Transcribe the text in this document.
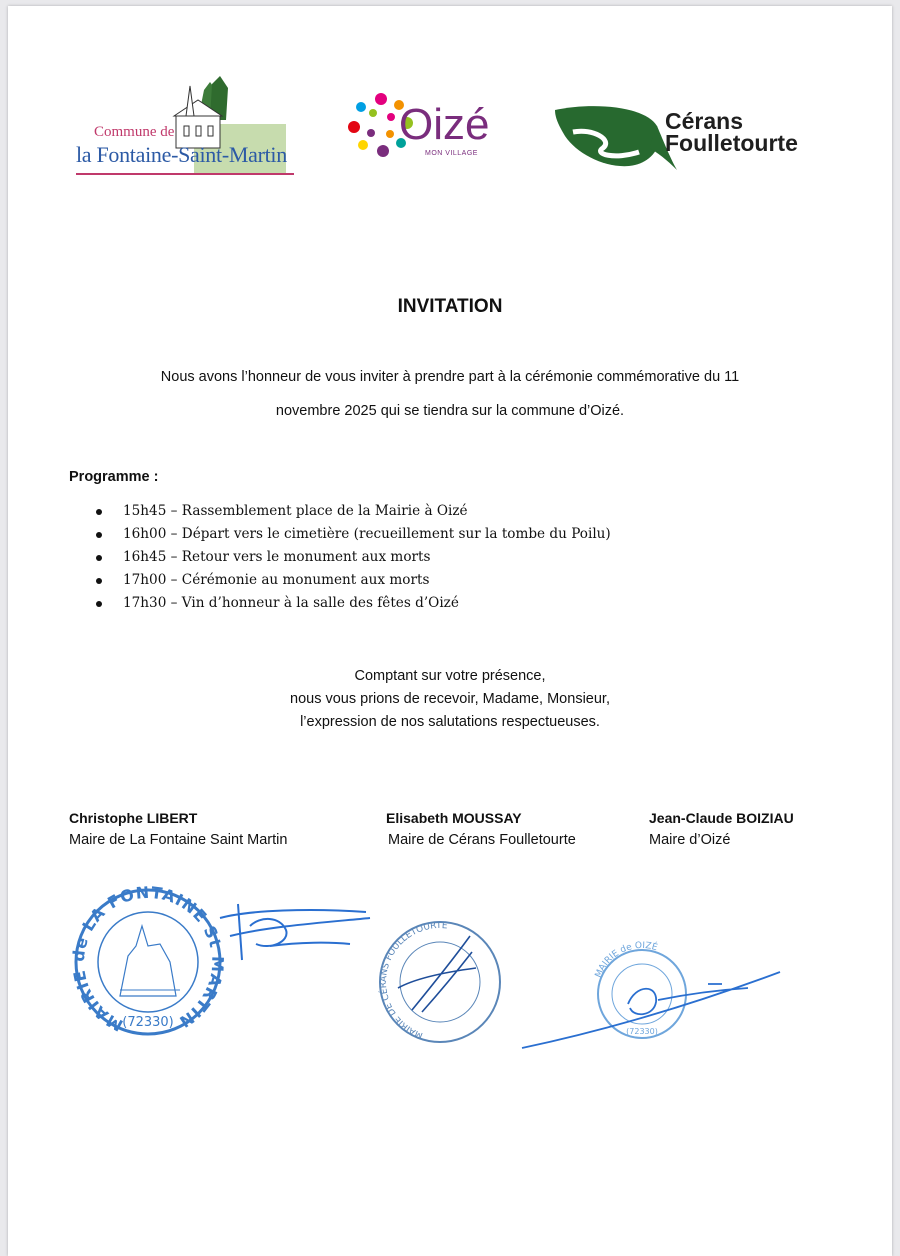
Commune de
la Fontaine-Saint-Martin
Oizé
MON VILLAGE
Cérans
Foulletourte
INVITATION
Nous avons l’honneur de vous inviter à prendre part à la cérémonie commémorative du 11
novembre 2025 qui se tiendra sur la commune d’Oizé.
Programme :
15h45 – Rassemblement place de la Mairie à Oizé
16h00 – Départ vers le cimetière (recueillement sur la tombe du Poilu)
16h45 – Retour vers le monument aux morts
17h00 – Cérémonie au monument aux morts
17h30 – Vin d’honneur à la salle des fêtes d’Oizé
Comptant sur votre présence,
nous vous prions de recevoir, Madame, Monsieur,
l’expression de nos salutations respectueuses.
Christophe LIBERT
Maire de La Fontaine Saint Martin
Elisabeth MOUSSAY
Maire de Cérans Foulletourte
Jean-Claude BOIZIAU
Maire d’Oizé
MAIRIE de LA FONTAINE St MARTIN
(72330)
MAIRIE DE CÉRANS FOULLETOURTE
MAIRIE de OIZÉ
(72330)
